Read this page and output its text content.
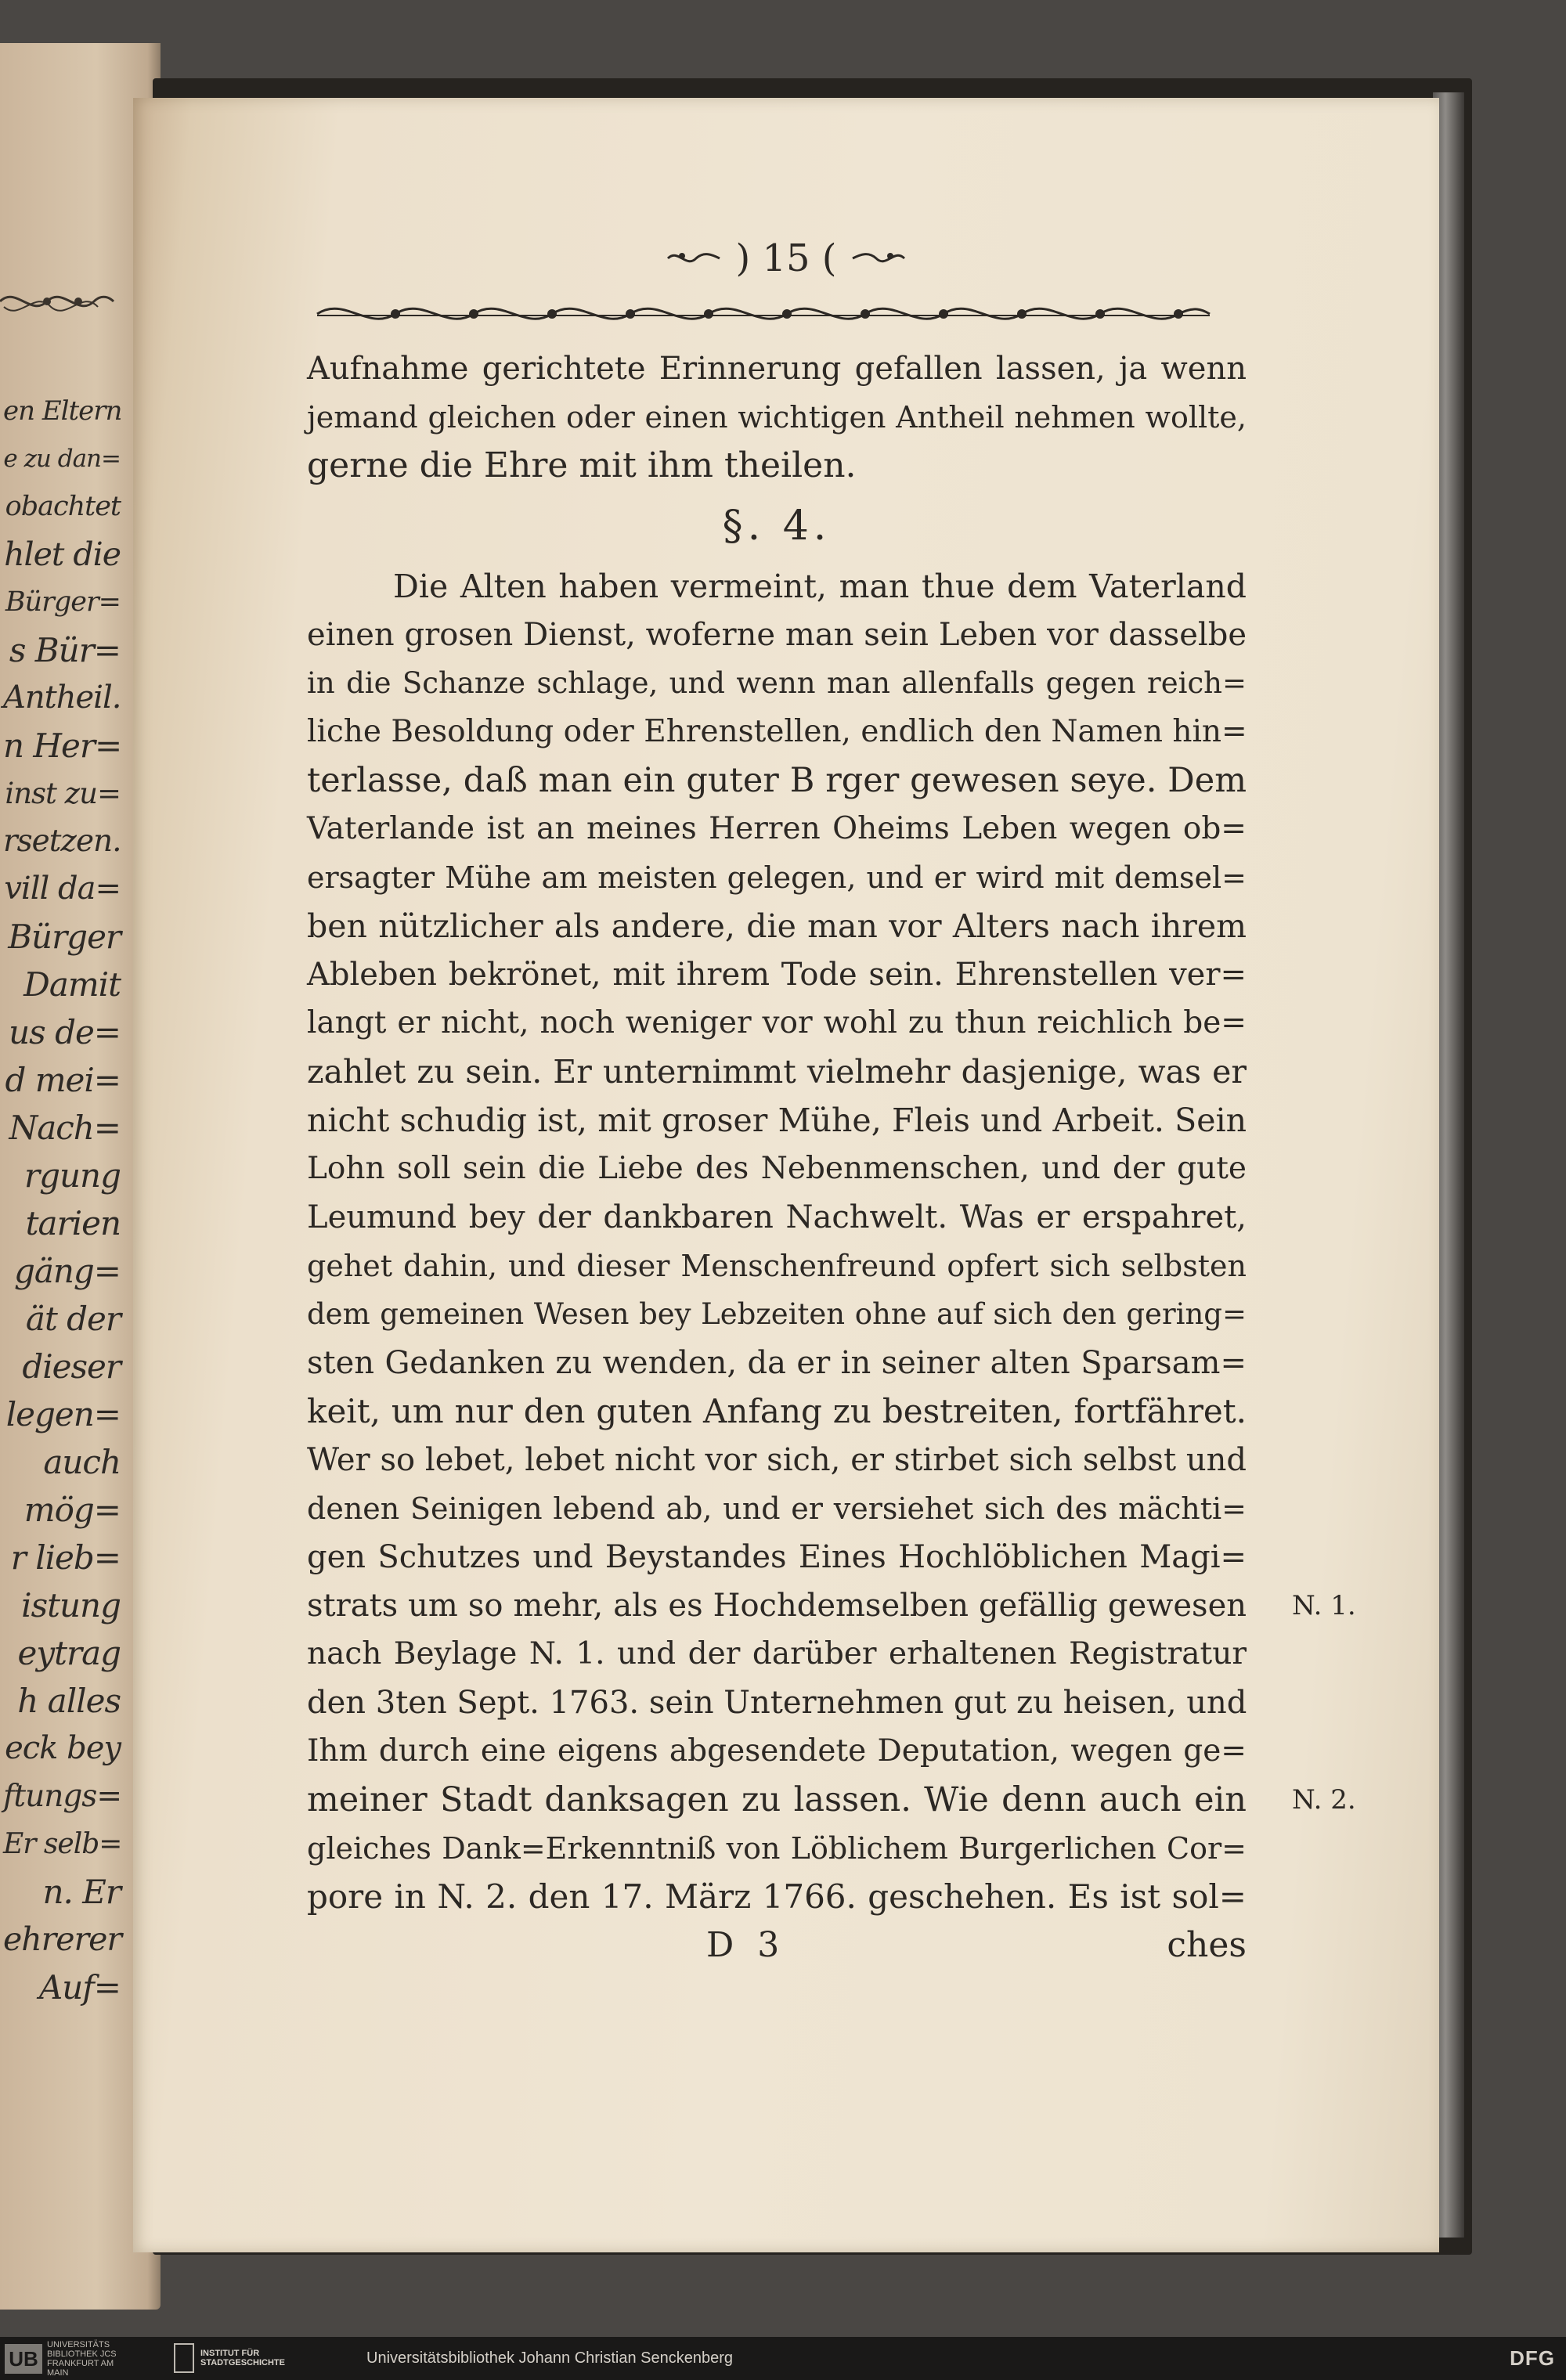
en Eltern
e zu dan=
obachtet
hlet die
Bürger=
s Bür=
Antheil.
n Her=
inst zu=
rsetzen.
vill da=
Bürger
Damit
us de=
d mei=
Nach=
rgung
tarien
gäng=
ät der
dieser
legen=
auch
mög=
r lieb=
istung
eytrag
h alles
eck bey
ftungs=
Er selb=
n. Er
ehrerer
Auf=
) 15 (
Aufnahme gerichtete Erinnerung gefallen lassen, ja wenn
jemand gleichen oder einen wichtigen Antheil nehmen wollte,
gerne die Ehre mit ihm theilen.
§. 4.
Die Alten haben vermeint, man thue dem Vaterland
einen grosen Dienst, woferne man sein Leben vor dasselbe
in die Schanze schlage, und wenn man allenfalls gegen reich=
liche Besoldung oder Ehrenstellen, endlich den Namen hin=
terlasse, daß man ein guter B rger gewesen seye. Dem
Vaterlande ist an meines Herren Oheims Leben wegen ob=
ersagter Mühe am meisten gelegen, und er wird mit demsel=
ben nützlicher als andere, die man vor Alters nach ihrem
Ableben bekrönet, mit ihrem Tode sein. Ehrenstellen ver=
langt er nicht, noch weniger vor wohl zu thun reichlich be=
zahlet zu sein. Er unternimmt vielmehr dasjenige, was er
nicht schudig ist, mit groser Mühe, Fleis und Arbeit. Sein
Lohn soll sein die Liebe des Nebenmenschen, und der gute
Leumund bey der dankbaren Nachwelt. Was er erspahret,
gehet dahin, und dieser Menschenfreund opfert sich selbsten
dem gemeinen Wesen bey Lebzeiten ohne auf sich den gering=
sten Gedanken zu wenden, da er in seiner alten Sparsam=
keit, um nur den guten Anfang zu bestreiten, fortfähret.
Wer so lebet, lebet nicht vor sich, er stirbet sich selbst und
denen Seinigen lebend ab, und er versiehet sich des mächti=
gen Schutzes und Beystandes Eines Hochlöblichen Magi=
strats um so mehr, als es Hochdemselben gefällig gewesen
nach Beylage N. 1. und der darüber erhaltenen Registratur
den 3ten Sept. 1763. sein Unternehmen gut zu heisen, und
Ihm durch eine eigens abgesendete Deputation, wegen ge=
meiner Stadt danksagen zu lassen. Wie denn auch ein
gleiches Dank=Erkenntniß von Löblichem Burgerlichen Cor=
pore in N. 2. den 17. März 1766. geschehen. Es ist sol=
D 3	ches
N. 1.
N. 2.
UB
UNIVERSITÄTS BIBLIOTHEK JCS FRANKFURT AM MAIN
INSTITUT FÜR STADTGESCHICHTE	Universitätsbibliothek Johann Christian Senckenberg	DFG
